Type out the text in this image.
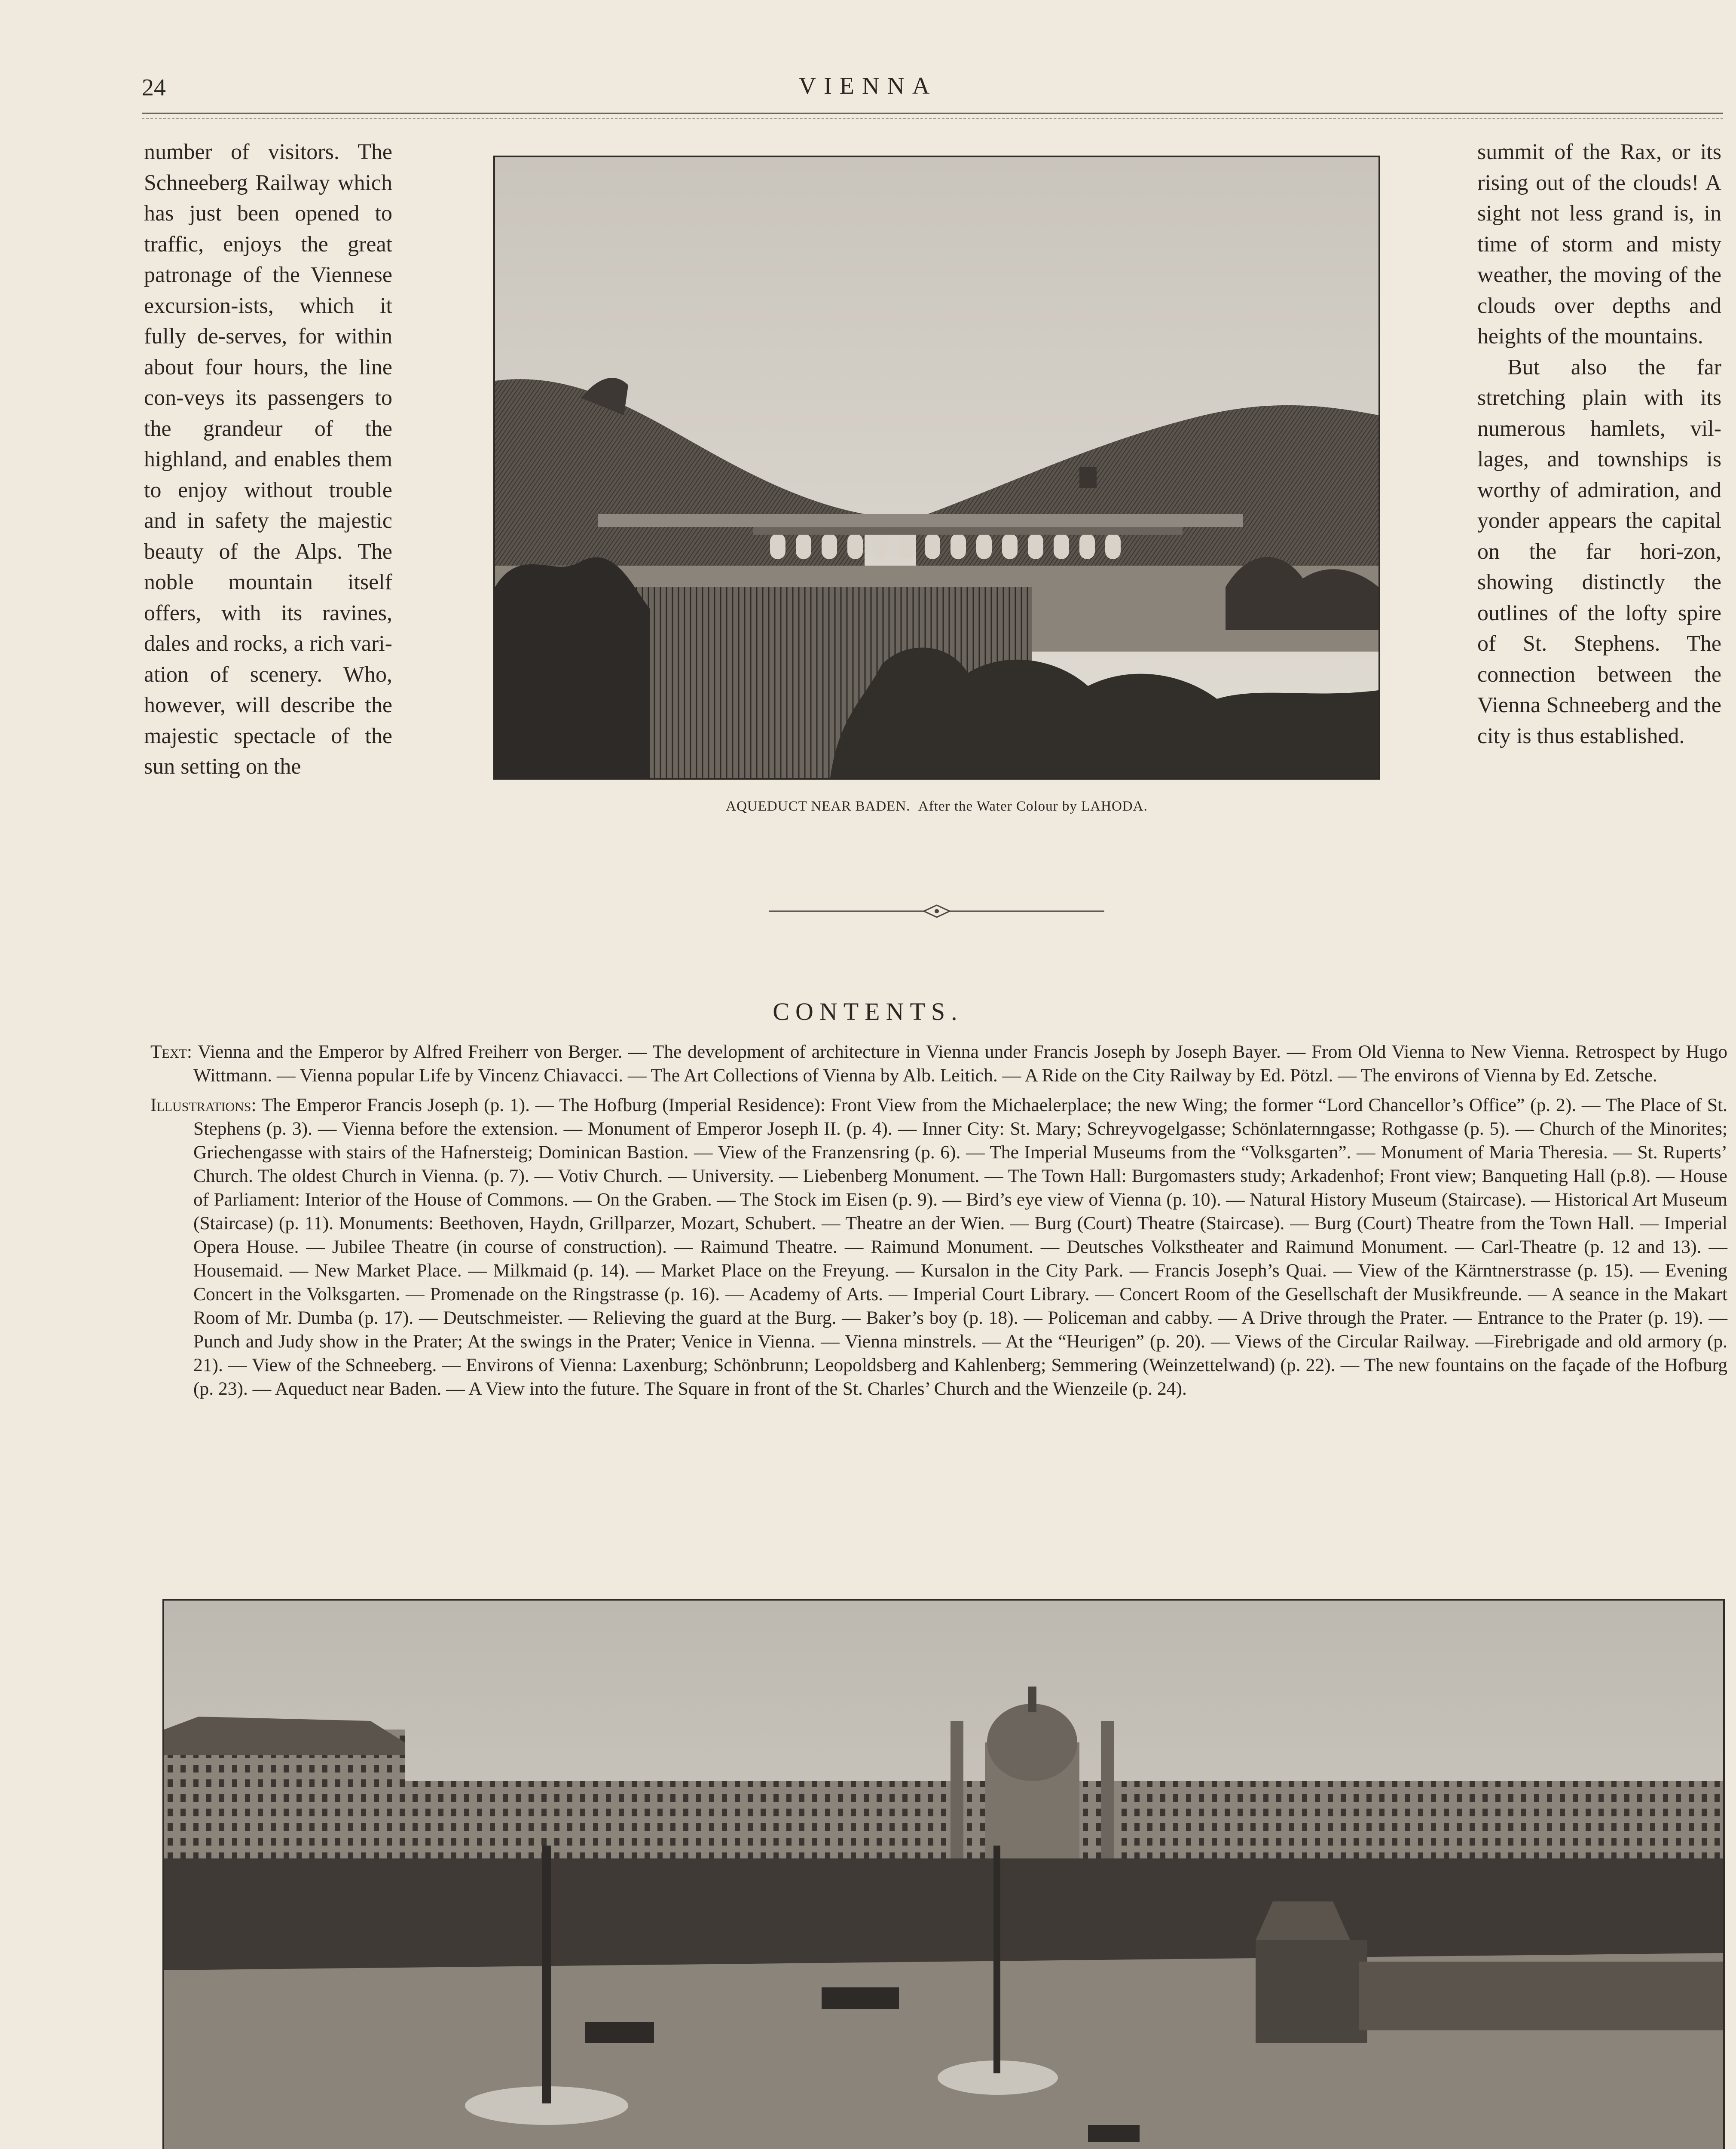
24	VIENNA

number of visitors. The Schneeberg Railway which has just been opened to traffic, enjoys the great patronage of the Viennese excursion-ists, which it fully de-serves, for within about four hours, the line con-veys its passengers to the grandeur of the highland, and enables them to enjoy without trouble and in safety the majestic beauty of the Alps. The noble mountain itself offers, with its ravines, dales and rocks, a rich vari-ation of scenery. Who, however, will describe the majestic spectacle of the sun setting on the

AQUEDUCT NEAR BADEN. After the Water Colour by LAHODA.

summit of the Rax, or its rising out of the clouds! A sight not less grand is, in time of storm and misty weather, the moving of the clouds over depths and heights of the mountains.

But also the far stretching plain with its numerous hamlets, vil-lages, and townships is worthy of admiration, and yonder appears the capital on the far hori-zon, showing distinctly the outlines of the lofty spire of St. Stephens. The connection between the Vienna Schneeberg and the city is thus established.

CONTENTS.

Text: Vienna and the Emperor by Alfred Freiherr von Berger. — The development of architecture in Vienna under Francis Joseph by Joseph Bayer. — From Old Vienna to New Vienna. Retrospect by Hugo Wittmann. — Vienna popular Life by Vincenz Chiavacci. — The Art Collections of Vienna by Alb. Leitich. — A Ride on the City Railway by Ed. Pötzl. — The environs of Vienna by Ed. Zetsche.

Illustrations: The Emperor Francis Joseph (p. 1). — The Hofburg (Imperial Residence): Front View from the Michaelerplace; the new Wing; the former “Lord Chancellor’s Office” (p. 2). — The Place of St. Stephens (p. 3). — Vienna before the extension. — Monument of Emperor Joseph II. (p. 4). — Inner City: St. Mary; Schreyvogelgasse; Schönlaternngasse; Rothgasse (p. 5). — Church of the Minorites; Griechengasse with stairs of the Hafnersteig; Dominican Bastion. — View of the Franzensring (p. 6). — The Imperial Museums from the “Volksgarten”. — Monument of Maria Theresia. — St. Ruperts’ Church. The oldest Church in Vienna. (p. 7). — Votiv Church. — University. — Liebenberg Monument. — The Town Hall: Burgomasters study; Arkadenhof; Front view; Banqueting Hall (p.8). — House of Parliament: Interior of the House of Commons. — On the Graben. — The Stock im Eisen (p. 9). — Bird’s eye view of Vienna (p. 10). — Natural History Museum (Staircase). — Historical Art Museum (Staircase) (p. 11). Monuments: Beethoven, Haydn, Grillparzer, Mozart, Schubert. — Theatre an der Wien. — Burg (Court) Theatre (Staircase). — Burg (Court) Theatre from the Town Hall. — Imperial Opera House. — Jubilee Theatre (in course of construction). — Raimund Theatre. — Raimund Monument. — Deutsches Volkstheater and Raimund Monument. — Carl-Theatre (p. 12 and 13). — Housemaid. — New Market Place. — Milkmaid (p. 14). — Market Place on the Freyung. — Kursalon in the City Park. — Francis Joseph’s Quai. — View of the Kärntnerstrasse (p. 15). — Evening Concert in the Volksgarten. — Promenade on the Ringstrasse (p. 16). — Academy of Arts. — Imperial Court Library. — Concert Room of the Gesellschaft der Musikfreunde. — A seance in the Makart Room of Mr. Dumba (p. 17). — Deutschmeister. — Relieving the guard at the Burg. — Baker’s boy (p. 18). — Policeman and cabby. — A Drive through the Prater. — Entrance to the Prater (p. 19). — Punch and Judy show in the Prater; At the swings in the Prater; Venice in Vienna. — Vienna minstrels. — At the “Heurigen” (p. 20). — Views of the Circular Railway. —Firebrigade and old armory (p. 21). — View of the Schneeberg. — Environs of Vienna: Laxenburg; Schönbrunn; Leopoldsberg and Kahlenberg; Semmering (Weinzettelwand) (p. 22). — The new fountains on the façade of the Hofburg (p. 23). — Aqueduct near Baden. — A View into the future. The Square in front of the St. Charles’ Church and the Wienzeile (p. 24).
